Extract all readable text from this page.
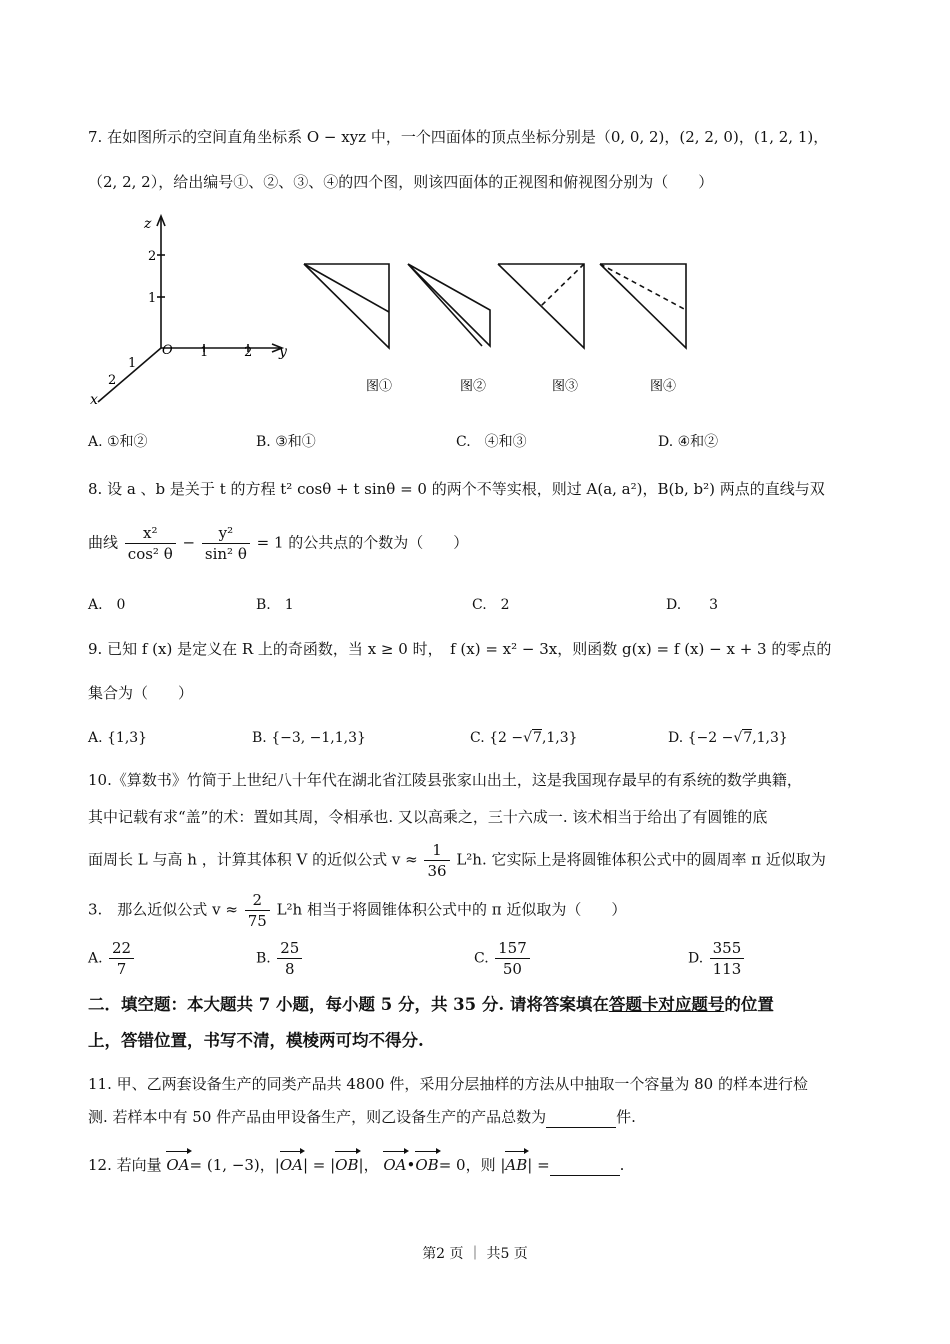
7. 在如图所示的空间直角坐标系 O − xyz 中，一个四面体的顶点坐标分别是（0, 0, 2)，(2, 2, 0)，(1, 2, 1)，
（2, 2, 2），给出编号①、②、③、④的四个图，则该四面体的正视图和俯视图分别为（　　）
z
2
1
O 1	2 y
1
2
x
图①	图②	图③	图④
A. ①和②	B. ③和①	C.　④和③	D. ④和②
8. 设 a 、b 是关于 t 的方程 t² cosθ + t sinθ = 0 的两个不等实根，则过 A(a, a²)，B(b, b²) 两点的直线与双
曲线 $\frac{\text{x²}}{\text{cos² θ}} - \frac{\text{y²}}{\text{sin² θ}} = 1$ 的公共点的个数为（　　）
A.　0	B.　1	C.　2	D.　　3
9. 已知 f (x) 是定义在 R 上的奇函数，当 x ≥ 0 时，　f (x) = x² − 3x，则函数 g(x) = f (x) − x + 3 的零点的
集合为（　　）
A. {1,3}	B. {−3, −1,1,3}	C. {2 −√7,1,3}	D. {−2 −√7,1,3}
10.《算数书》竹简于上世纪八十年代在湖北省江陵县张家山出土，这是我国现存最早的有系统的数学典籍，
其中记载有求“盖”的术：置如其周，令相承也. 又以高乘之，三十六成一. 该术相当于给出了有圆锥的底
面周长 L 与高 h ，计算其体积 V 的近似公式 $v \approx \frac{1}{36} L^2h$. 它实际上是将圆锥体积公式中的圆周率 π 近似取为
3.　那么近似公式 $v \approx \frac{2}{75} L^2h$ 相当于将圆锥体积公式中的 π 近似取为（　　）
A. $\frac{22}{7}$	B. $\frac{25}{8}$	C. $\frac{157}{50}$	D. $\frac{355}{113}$
二．填空题：本大题共 7 小题，每小题 5 分，共 35 分. 请将答案填在答题卡对应题号的位置
上，答错位置，书写不清，模棱两可均不得分.
11. 甲、乙两套设备生产的同类产品共 4800 件，采用分层抽样的方法从中抽取一个容量为 80 的样本进行检
测. 若样本中有 50 件产品由甲设备生产，则乙设备生产的产品总数为	件.
12. 若向量 OA= (1, −3)，|OA| = |OB|， OA•OB= 0，则 |AB| =	.
第2 页 ｜ 共5 页
